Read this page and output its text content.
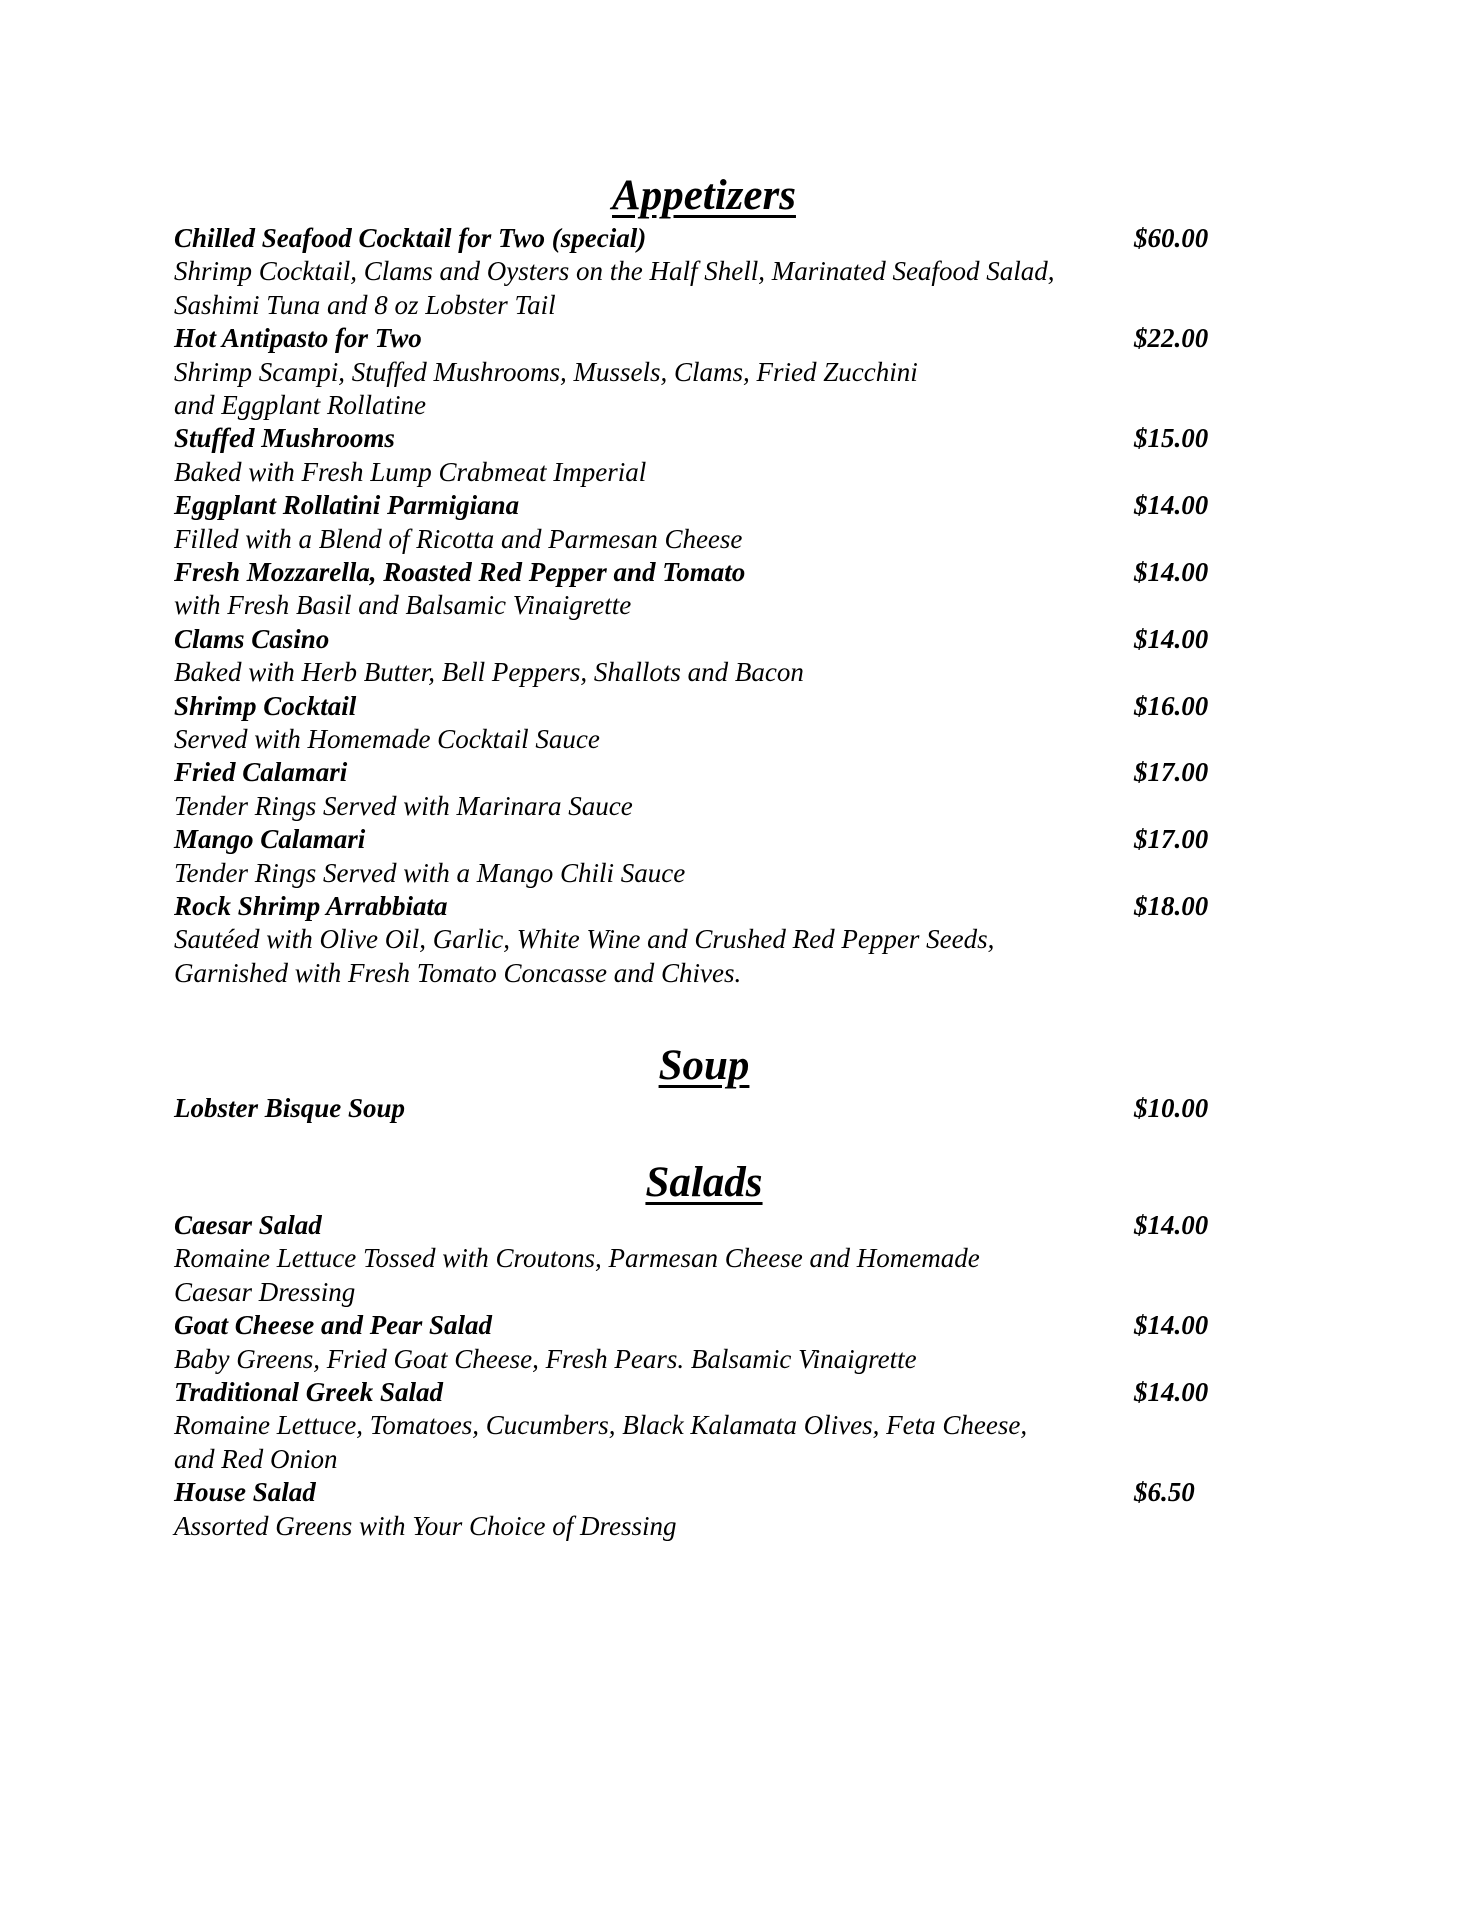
Appetizers
Chilled Seafood Cocktail for Two (special)	$60.00
Shrimp Cocktail, Clams and Oysters on the Half Shell, Marinated Seafood Salad,
Sashimi Tuna and 8 oz Lobster Tail
Hot Antipasto for Two	$22.00
Shrimp Scampi, Stuffed Mushrooms, Mussels, Clams, Fried Zucchini
and Eggplant Rollatine
Stuffed Mushrooms	$15.00
Baked with Fresh Lump Crabmeat Imperial
Eggplant Rollatini Parmigiana	$14.00
Filled with a Blend of Ricotta and Parmesan Cheese
Fresh Mozzarella, Roasted Red Pepper and Tomato	$14.00
with Fresh Basil and Balsamic Vinaigrette
Clams Casino	$14.00
Baked with Herb Butter, Bell Peppers, Shallots and Bacon
Shrimp Cocktail	$16.00
Served with Homemade Cocktail Sauce
Fried Calamari	$17.00
Tender Rings Served with Marinara Sauce
Mango Calamari	$17.00
Tender Rings Served with a Mango Chili Sauce
Rock Shrimp Arrabbiata	$18.00
Sautéed with Olive Oil, Garlic, White Wine and Crushed Red Pepper Seeds,
Garnished with Fresh Tomato Concasse and Chives.
Soup
Lobster Bisque Soup	$10.00
Salads
Caesar Salad	$14.00
Romaine Lettuce Tossed with Croutons, Parmesan Cheese and Homemade
Caesar Dressing
Goat Cheese and Pear Salad	$14.00
Baby Greens, Fried Goat Cheese, Fresh Pears. Balsamic Vinaigrette
Traditional Greek Salad	$14.00
Romaine Lettuce, Tomatoes, Cucumbers, Black Kalamata Olives, Feta Cheese,
and Red Onion
House Salad	$6.50
Assorted Greens with Your Choice of Dressing
